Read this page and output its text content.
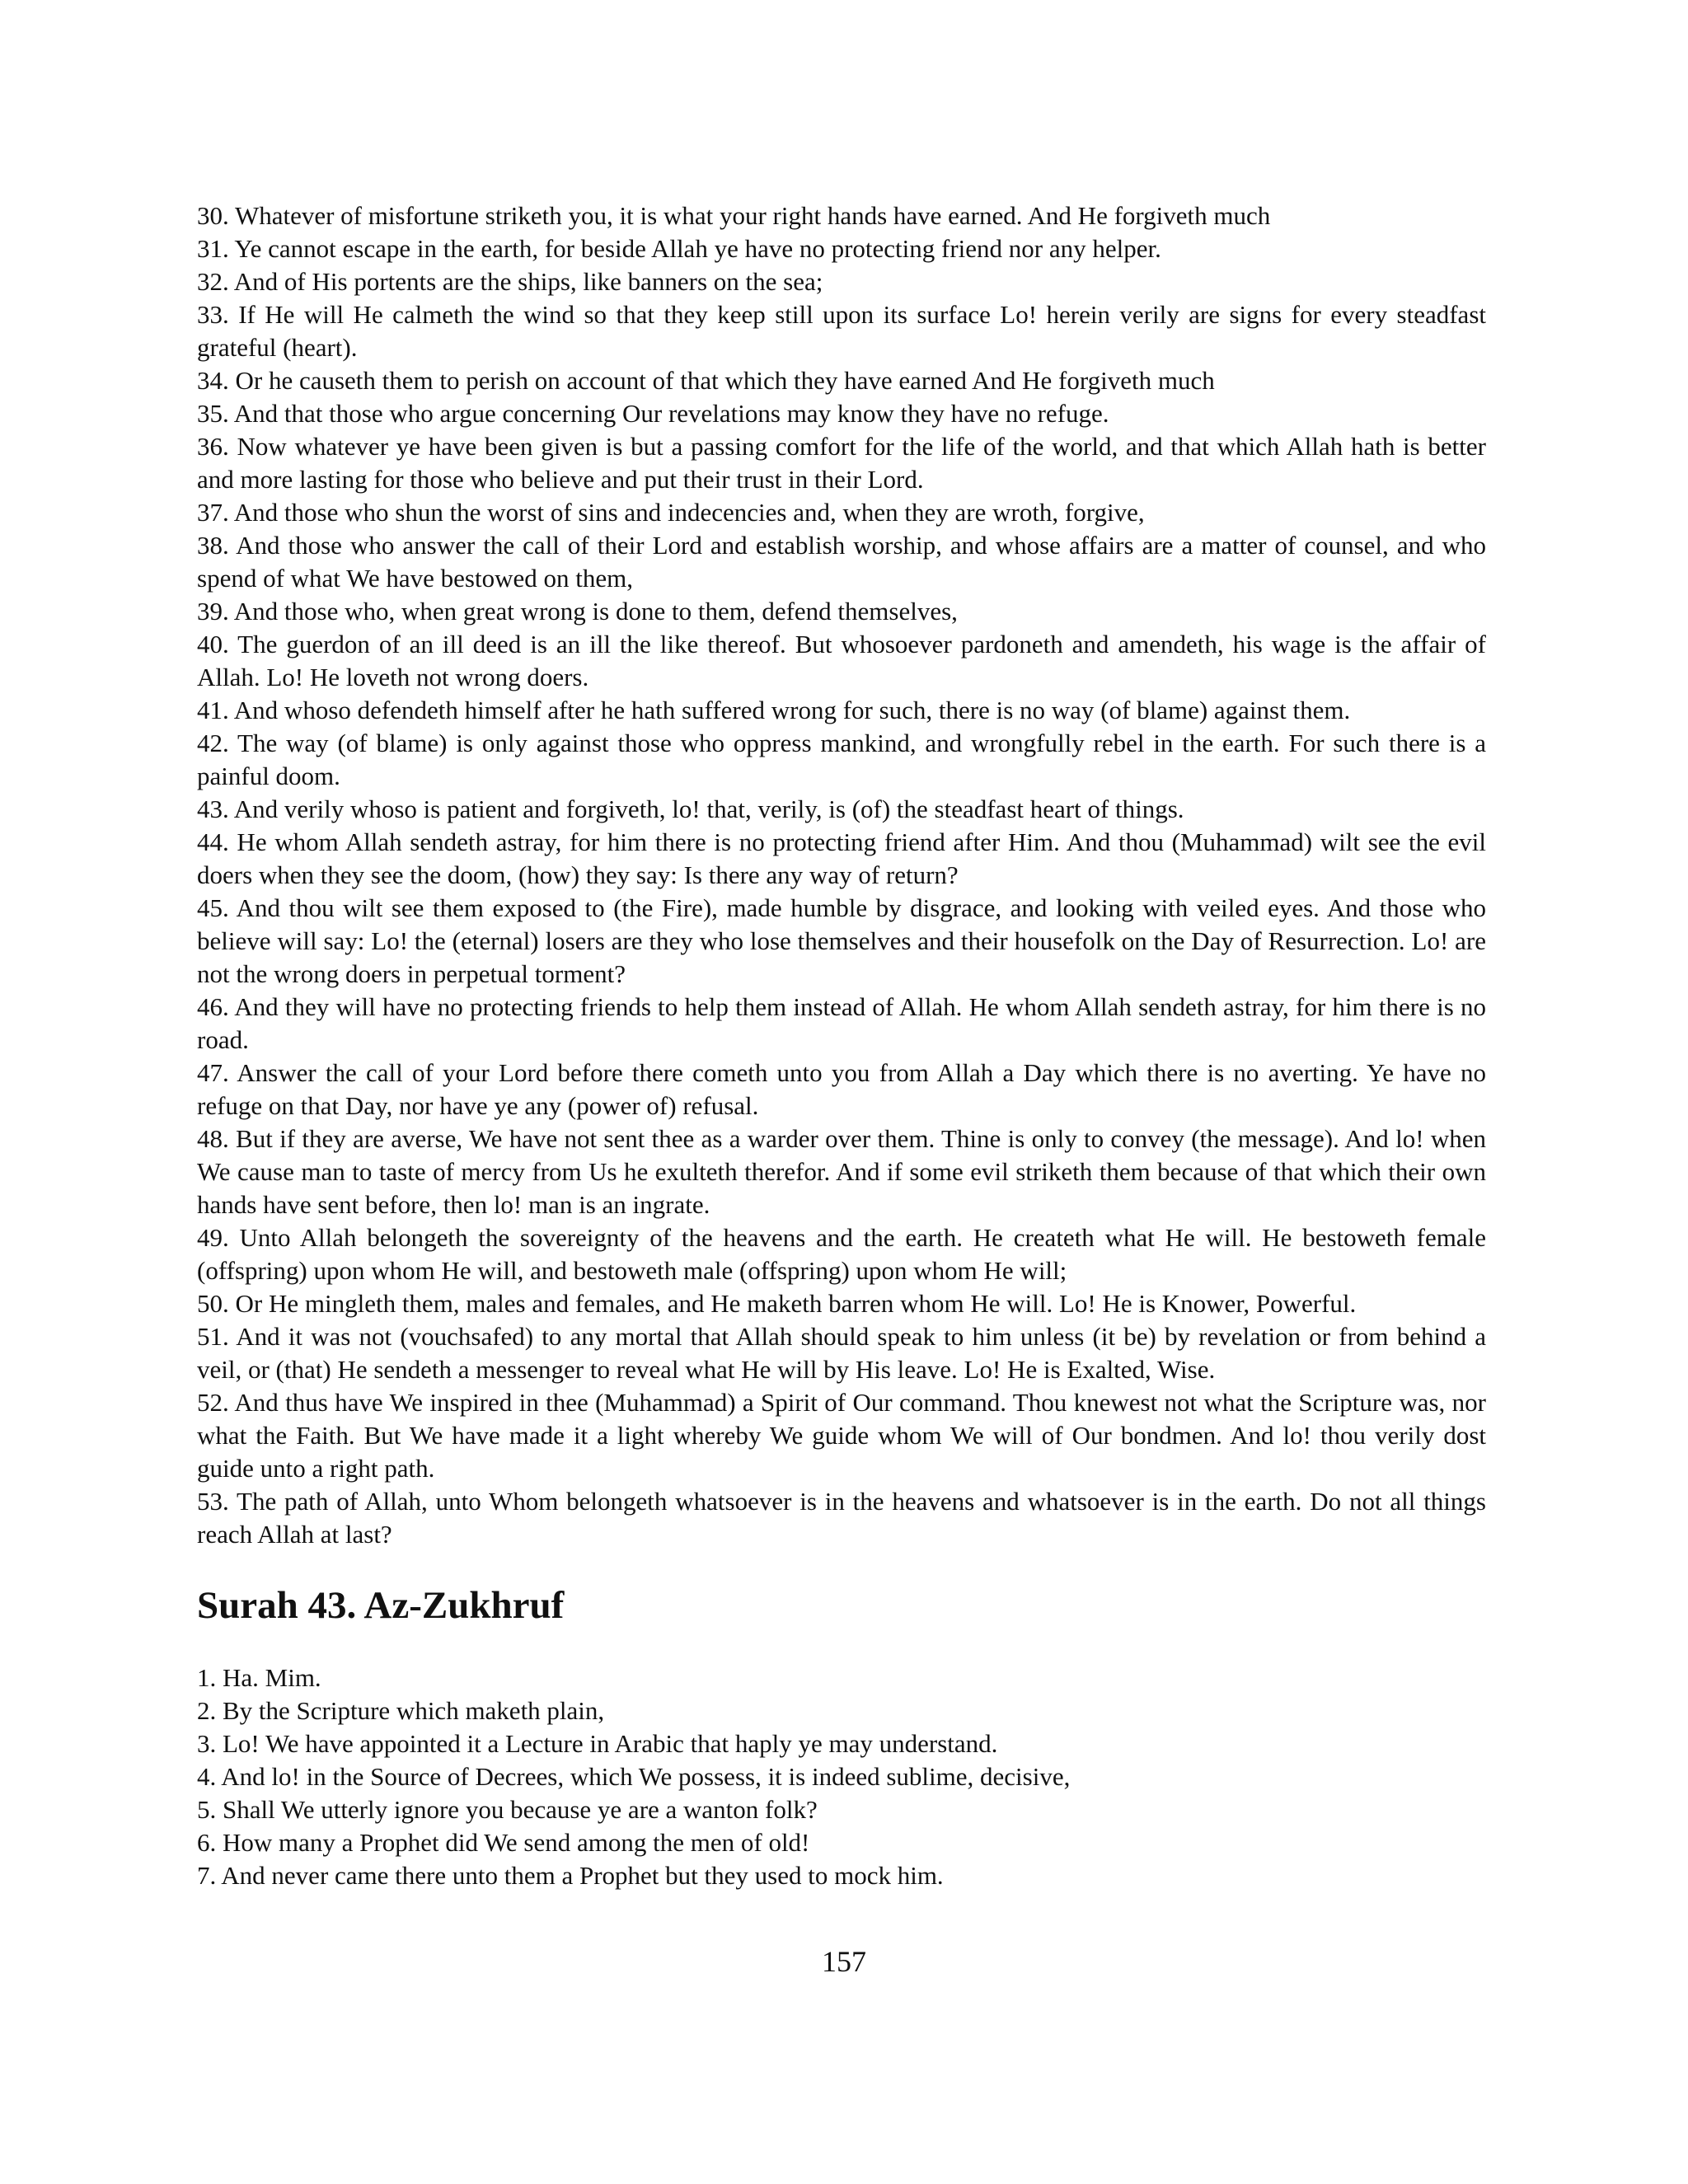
30. Whatever of misfortune striketh you, it is what your right hands have earned. And He forgiveth much

31. Ye cannot escape in the earth, for beside Allah ye have no protecting friend nor any helper.

32. And of His portents are the ships, like banners on the sea;

33. If He will He calmeth the wind so that they keep still upon its surface Lo! herein verily are signs for every steadfast grateful (heart).

34. Or he causeth them to perish on account of that which they have earned And He forgiveth much

35. And that those who argue concerning Our revelations may know they have no refuge.

36. Now whatever ye have been given is but a passing comfort for the life of the world, and that which Allah hath is better and more lasting for those who believe and put their trust in their Lord.

37. And those who shun the worst of sins and indecencies and, when they are wroth, forgive,

38. And those who answer the call of their Lord and establish worship, and whose affairs are a matter of counsel, and who spend of what We have bestowed on them,

39. And those who, when great wrong is done to them, defend themselves,

40. The guerdon of an ill deed is an ill the like thereof. But whosoever pardoneth and amendeth, his wage is the affair of Allah. Lo! He loveth not wrong doers.

41. And whoso defendeth himself after he hath suffered wrong for such, there is no way (of blame) against them.

42. The way (of blame) is only against those who oppress mankind, and wrongfully rebel in the earth. For such there is a painful doom.

43. And verily whoso is patient and forgiveth, lo! that, verily, is (of) the steadfast heart of things.

44. He whom Allah sendeth astray, for him there is no protecting friend after Him. And thou (Muhammad) wilt see the evil doers when they see the doom, (how) they say: Is there any way of return?

45. And thou wilt see them exposed to (the Fire), made humble by disgrace, and looking with veiled eyes. And those who believe will say: Lo! the (eternal) losers are they who lose themselves and their housefolk on the Day of Resurrection. Lo! are not the wrong doers in perpetual torment?

46. And they will have no protecting friends to help them instead of Allah. He whom Allah sendeth astray, for him there is no road.

47. Answer the call of your Lord before there cometh unto you from Allah a Day which there is no averting. Ye have no refuge on that Day, nor have ye any (power of) refusal.

48. But if they are averse, We have not sent thee as a warder over them. Thine is only to convey (the message). And lo! when We cause man to taste of mercy from Us he exulteth therefor. And if some evil striketh them because of that which their own hands have sent before, then lo! man is an ingrate.

49. Unto Allah belongeth the sovereignty of the heavens and the earth. He createth what He will. He bestoweth female (offspring) upon whom He will, and bestoweth male (offspring) upon whom He will;

50. Or He mingleth them, males and females, and He maketh barren whom He will. Lo! He is Knower, Powerful.

51. And it was not (vouchsafed) to any mortal that Allah should speak to him unless (it be) by revelation or from behind a veil, or (that) He sendeth a messenger to reveal what He will by His leave. Lo! He is Exalted, Wise.

52. And thus have We inspired in thee (Muhammad) a Spirit of Our command. Thou knewest not what the Scripture was, nor what the Faith. But We have made it a light whereby We guide whom We will of Our bondmen. And lo! thou verily dost guide unto a right path.

53. The path of Allah, unto Whom belongeth whatsoever is in the heavens and whatsoever is in the earth. Do not all things reach Allah at last?

Surah 43. Az-Zukhruf

1. Ha. Mim.

2. By the Scripture which maketh plain,

3. Lo! We have appointed it a Lecture in Arabic that haply ye may understand.

4. And lo! in the Source of Decrees, which We possess, it is indeed sublime, decisive,

5. Shall We utterly ignore you because ye are a wanton folk?

6. How many a Prophet did We send among the men of old!

7. And never came there unto them a Prophet but they used to mock him.

157
